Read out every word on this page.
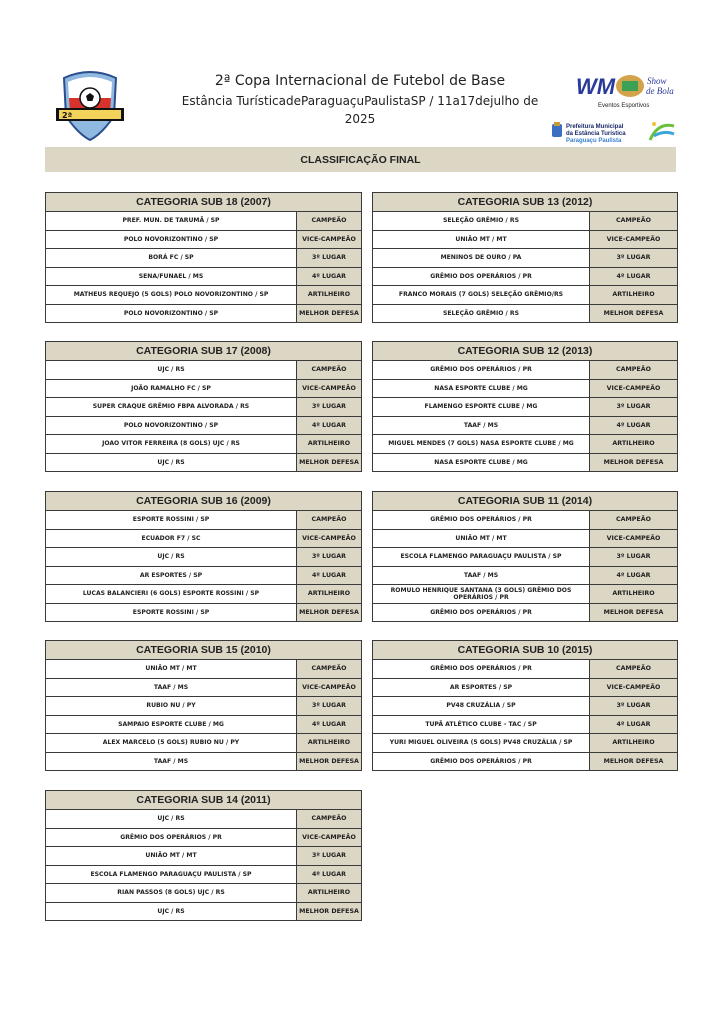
2ª
2ª Copa Internacional de Futebol de Base
Estância TurísticadeParaguaçuPaulistaSP / 11a17dejulho de 2025
WM	Show
de Bola
Eventos Esportivos
Prefeitura Municipal
da Estância Turística
Paraguaçu Paulista
CLASSIFICAÇÃO FINAL
CATEGORIA SUB 18 (2007)
PREF. MUN. DE TARUMÃ / SP	CAMPEÃO
POLO NOVORIZONTINO / SP	VICE-CAMPEÃO
BORÁ FC / SP	3º LUGAR
SENA/FUNAEL / MS	4º LUGAR
MATHEUS REQUEJO (5 GOLS) POLO NOVORIZONTINO / SP	ARTILHEIRO
POLO NOVORIZONTINO / SP	MELHOR DEFESA
CATEGORIA SUB 13 (2012)
SELEÇÃO GRÊMIO / RS	CAMPEÃO
UNIÃO MT / MT	VICE-CAMPEÃO
MENINOS DE OURO / PA	3º LUGAR
GRÊMIO DOS OPERÁRIOS / PR	4º LUGAR
FRANCO MORAIS (7 GOLS) SELEÇÃO GRÊMIO/RS	ARTILHEIRO
SELEÇÃO GRÊMIO / RS	MELHOR DEFESA
CATEGORIA SUB 17 (2008)
UJC / RS	CAMPEÃO
JOÃO RAMALHO FC / SP	VICE-CAMPEÃO
SUPER CRAQUE GRÊMIO FBPA ALVORADA / RS	3º LUGAR
POLO NOVORIZONTINO / SP	4º LUGAR
JOAO VITOR FERREIRA (8 GOLS) UJC / RS	ARTILHEIRO
UJC / RS	MELHOR DEFESA
CATEGORIA SUB 12 (2013)
GRÊMIO DOS OPERÁRIOS / PR	CAMPEÃO
NASA ESPORTE CLUBE / MG	VICE-CAMPEÃO
FLAMENGO ESPORTE CLUBE / MG	3º LUGAR
TAAF / MS	4º LUGAR
MIGUEL MENDES (7 GOLS) NASA ESPORTE CLUBE / MG	ARTILHEIRO
NASA ESPORTE CLUBE / MG	MELHOR DEFESA
CATEGORIA SUB 16 (2009)
ESPORTE ROSSINI / SP	CAMPEÃO
ECUADOR F7 / SC	VICE-CAMPEÃO
UJC / RS	3º LUGAR
AR ESPORTES / SP	4º LUGAR
LUCAS BALANCIERI (6 GOLS) ESPORTE ROSSINI / SP	ARTILHEIRO
ESPORTE ROSSINI / SP	MELHOR DEFESA
CATEGORIA SUB 11 (2014)
GRÊMIO DOS OPERÁRIOS / PR	CAMPEÃO
UNIÃO MT / MT	VICE-CAMPEÃO
ESCOLA FLAMENGO PARAGUAÇU PAULISTA / SP	3º LUGAR
TAAF / MS	4º LUGAR
ROMULO HENRIQUE SANTANA (3 GOLS) GRÊMIO DOS OPERÁRIOS / PR	ARTILHEIRO
GRÊMIO DOS OPERÁRIOS / PR	MELHOR DEFESA
CATEGORIA SUB 15 (2010)
UNIÃO MT / MT	CAMPEÃO
TAAF / MS	VICE-CAMPEÃO
RUBIO NU / PY	3º LUGAR
SAMPAIO ESPORTE CLUBE / MG	4º LUGAR
ALEX MARCELO (5 GOLS) RUBIO NU / PY	ARTILHEIRO
TAAF / MS	MELHOR DEFESA
CATEGORIA SUB 10 (2015)
GRÊMIO DOS OPERÁRIOS / PR	CAMPEÃO
AR ESPORTES / SP	VICE-CAMPEÃO
PV48 CRUZÁLIA / SP	3º LUGAR
TUPÃ ATLÉTICO CLUBE - TAC / SP	4º LUGAR
YURI MIGUEL OLIVEIRA (5 GOLS) PV48 CRUZÁLIA / SP	ARTILHEIRO
GRÊMIO DOS OPERÁRIOS / PR	MELHOR DEFESA
CATEGORIA SUB 14 (2011)
UJC / RS	CAMPEÃO
GRÊMIO DOS OPERÁRIOS / PR	VICE-CAMPEÃO
UNIÃO MT / MT	3º LUGAR
ESCOLA FLAMENGO PARAGUAÇU PAULISTA / SP	4º LUGAR
RIAN PASSOS (8 GOLS) UJC / RS	ARTILHEIRO
UJC / RS	MELHOR DEFESA
